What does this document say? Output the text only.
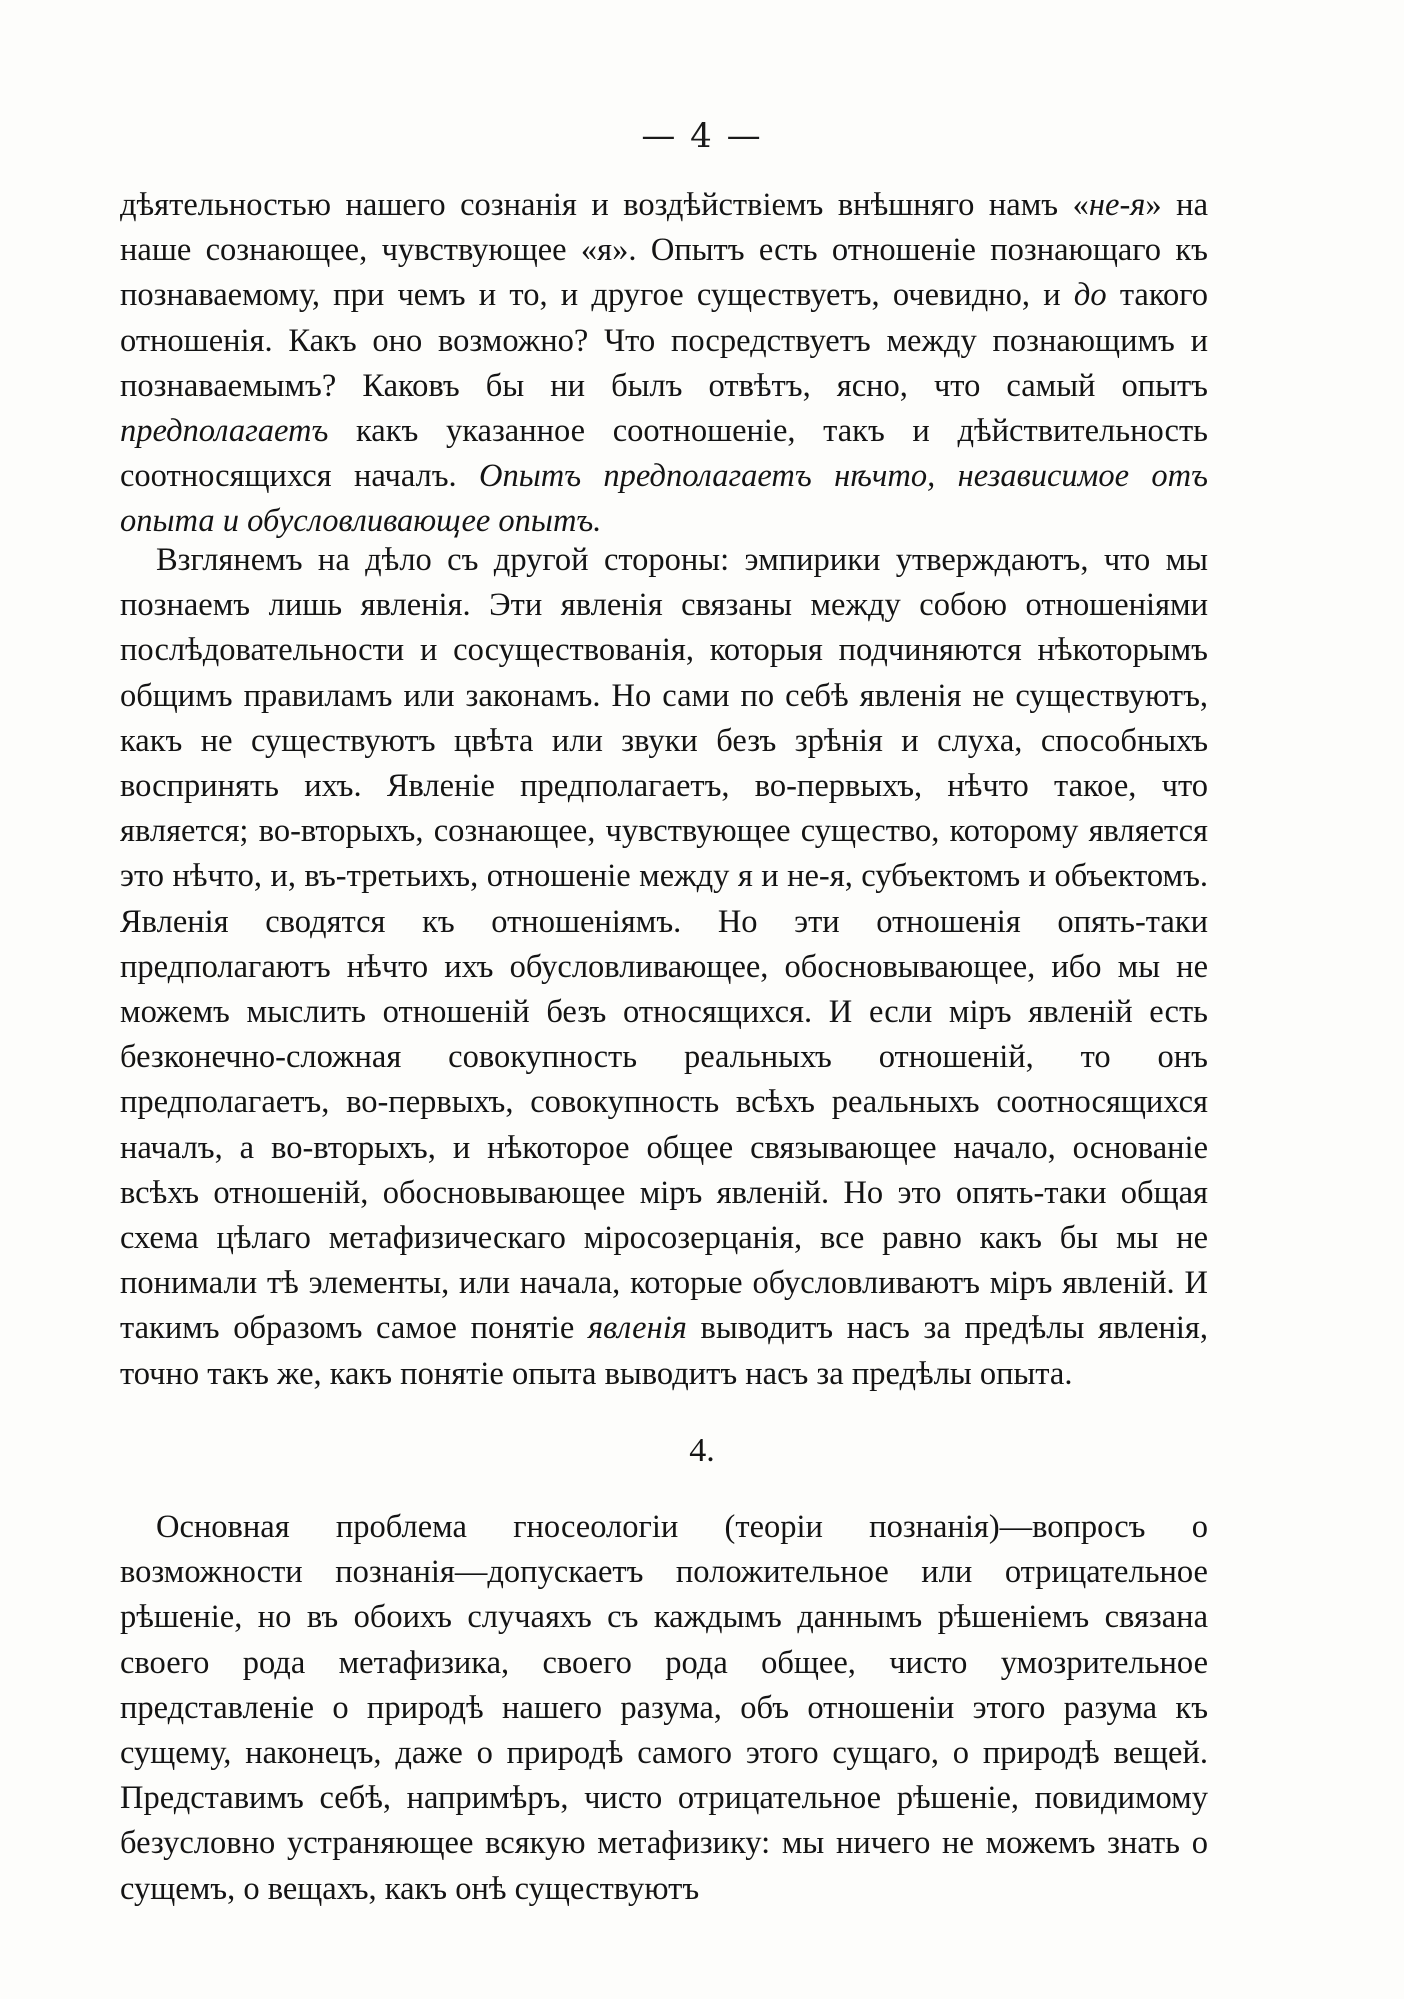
— 4 —

дѣятельностью нашего сознанія и воздѣйствіемъ внѣшняго намъ «не-я» на наше сознающее, чувствующее «я». Опытъ есть отношеніе познающаго къ познаваемому, при чемъ и то, и другое существуетъ, очевидно, и до такого отношенія. Какъ оно возможно? Что посредствуетъ между познающимъ и познаваемымъ? Каковъ бы ни былъ отвѣтъ, ясно, что самый опытъ предполагаетъ какъ указанное соотношеніе, такъ и дѣйствительность соотносящихся началъ. Опытъ предполагаетъ нѣчто, независимое отъ опыта и обусловливающее опытъ.

Взглянемъ на дѣло съ другой стороны: эмпирики утверждаютъ, что мы познаемъ лишь явленія. Эти явленія связаны между собою отношеніями послѣдовательности и сосуществованія, которыя подчиняются нѣкоторымъ общимъ правиламъ или законамъ. Но сами по себѣ явленія не существуютъ, какъ не существуютъ цвѣта или звуки безъ зрѣнія и слуха, способныхъ воспринять ихъ. Явленіе предполагаетъ, во-первыхъ, нѣчто такое, что является; во-вторыхъ, сознающее, чувствующее существо, которому является это нѣчто, и, въ-третьихъ, отношеніе между я и не-я, субъектомъ и объектомъ. Явленія сводятся къ отношеніямъ. Но эти отношенія опять-таки предполагаютъ нѣчто ихъ обусловливающее, обосновывающее, ибо мы не можемъ мыслить отношеній безъ относящихся. И если міръ явленій есть безконечно-сложная совокупность реальныхъ отношеній, то онъ предполагаетъ, во-первыхъ, совокупность всѣхъ реальныхъ соотносящихся началъ, а во-вторыхъ, и нѣкоторое общее связывающее начало, основаніе всѣхъ отношеній, обосновывающее міръ явленій. Но это опять-таки общая схема цѣлаго метафизическаго міросозерцанія, все равно какъ бы мы не понимали тѣ элементы, или начала, которые обусловливаютъ міръ явленій. И такимъ образомъ самое понятіе явленія выводитъ насъ за предѣлы явленія, точно такъ же, какъ понятіе опыта выводитъ насъ за предѣлы опыта.

4.

Основная проблема гносеологіи (теоріи познанія)—вопросъ о возможности познанія—допускаетъ положительное или отрицательное рѣшеніе, но въ обоихъ случаяхъ съ каждымъ даннымъ рѣшеніемъ связана своего рода метафизика, своего рода общее, чисто умозрительное представленіе о природѣ нашего разума, объ отношеніи этого разума къ сущему, наконецъ, даже о природѣ самого этого сущаго, о природѣ вещей. Представимъ себѣ, напримѣръ, чисто отрицательное рѣшеніе, повидимому безусловно устраняющее всякую метафизику: мы ничего не можемъ знать о сущемъ, о вещахъ, какъ онѣ существуютъ
